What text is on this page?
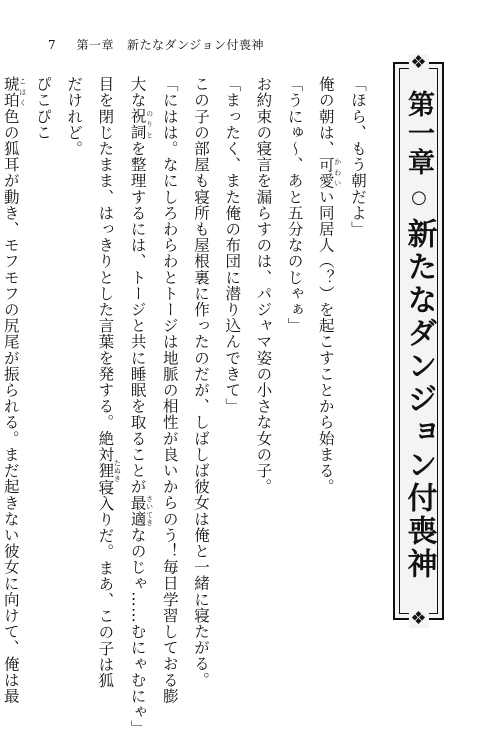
7 第一章 新たなダンジョン付喪神
❖
第一章
○
新たなダンジョン付喪神
❖

「ほら、もう朝だよ」

俺の朝は、可愛 かわいい同居人（？）を起こすことから始まる。

「うにゅ～、あと五分なのじゃぁ」

お約束の寝言を漏らすのは、パジャマ姿の小さな女の子。

「まったく、また俺の布団に潜り込んできて」

この子の部屋も寝所も屋根裏に作ったのだが、しばしば彼女は俺と一緒に寝たがる。

「にはは。なにしろわらわとトージは地脈の相性が良いからのう！毎日学習しておる膨

大な祝詞 のりとを整理するには、トージと共に睡眠を取ることが最適 さいてきなのじゃ……むにゃむにゃ」

目を閉じたまま、はっきりとした言葉を発する。絶対狸 たぬき寝入りだ。まあ、この子は狐

だけれど。

ぴこぴこ

琥珀 こはく色の狐耳が動き、モフモフの尻尾が振られる。まだ起きない彼女に向けて、俺は最
